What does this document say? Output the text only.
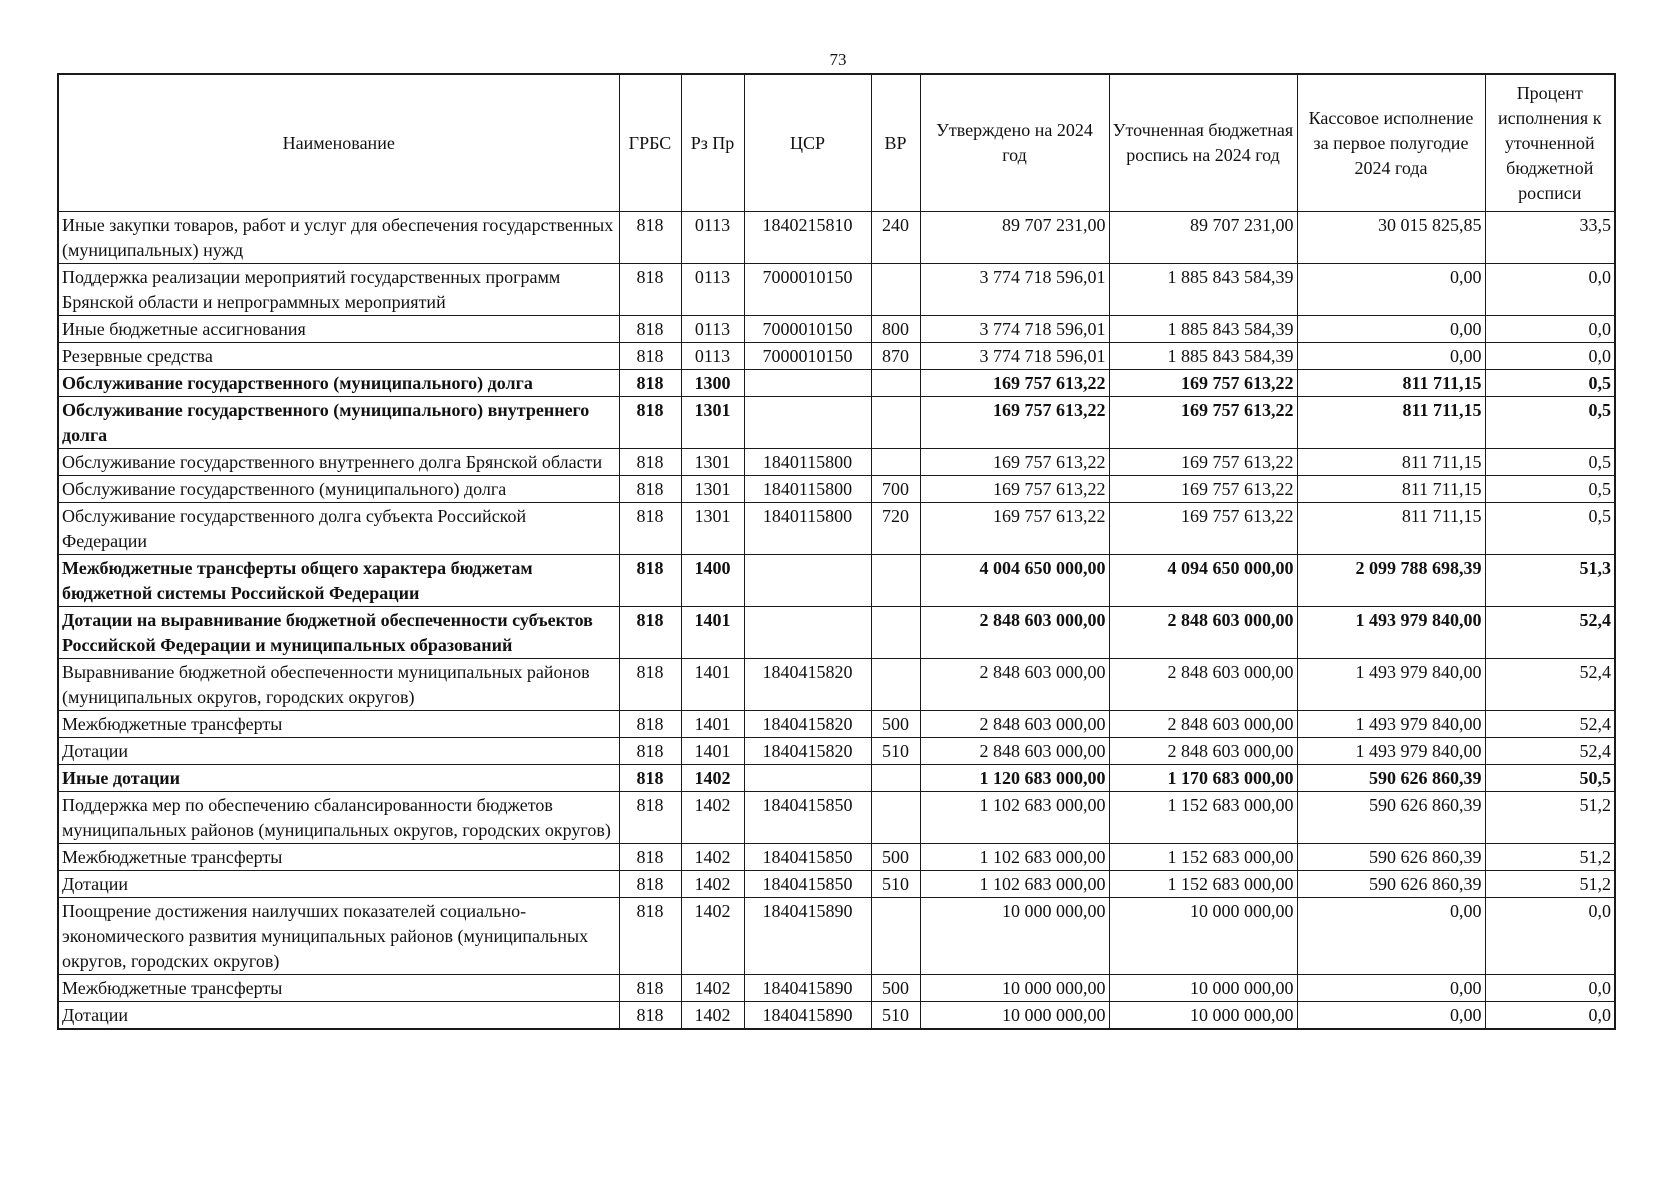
73
Наименование	ГРБС	Рз Пр	ЦСР	ВР	Утверждено на 2024 год	Уточненная бюджетная роспись на 2024 год	Кассовое исполнение за первое полугодие 2024 года	Процент исполнения к уточненной бюджетной росписи
Иные закупки товаров, работ и услуг для обеспечения государственных (муниципальных) нужд	818	0113	1840215810	240	89 707 231,00	89 707 231,00	30 015 825,85	33,5
Поддержка реализации мероприятий государственных программ Брянской области и непрограммных мероприятий	818	0113	7000010150		3 774 718 596,01	1 885 843 584,39	0,00	0,0
Иные бюджетные ассигнования	818	0113	7000010150	800	3 774 718 596,01	1 885 843 584,39	0,00	0,0
Резервные средства	818	0113	7000010150	870	3 774 718 596,01	1 885 843 584,39	0,00	0,0
Обслуживание государственного (муниципального) долга	818	1300			169 757 613,22	169 757 613,22	811 711,15	0,5
Обслуживание государственного (муниципального) внутреннего долга	818	1301			169 757 613,22	169 757 613,22	811 711,15	0,5
Обслуживание государственного внутреннего долга Брянской области	818	1301	1840115800		169 757 613,22	169 757 613,22	811 711,15	0,5
Обслуживание государственного (муниципального) долга	818	1301	1840115800	700	169 757 613,22	169 757 613,22	811 711,15	0,5
Обслуживание государственного долга субъекта Российской Федерации	818	1301	1840115800	720	169 757 613,22	169 757 613,22	811 711,15	0,5
Межбюджетные трансферты общего характера бюджетам бюджетной системы Российской Федерации	818	1400			4 004 650 000,00	4 094 650 000,00	2 099 788 698,39	51,3
Дотации на выравнивание бюджетной обеспеченности субъектов Российской Федерации и муниципальных образований	818	1401			2 848 603 000,00	2 848 603 000,00	1 493 979 840,00	52,4
Выравнивание бюджетной обеспеченности муниципальных районов (муниципальных округов, городских округов)	818	1401	1840415820		2 848 603 000,00	2 848 603 000,00	1 493 979 840,00	52,4
Межбюджетные трансферты	818	1401	1840415820	500	2 848 603 000,00	2 848 603 000,00	1 493 979 840,00	52,4
Дотации	818	1401	1840415820	510	2 848 603 000,00	2 848 603 000,00	1 493 979 840,00	52,4
Иные дотации	818	1402			1 120 683 000,00	1 170 683 000,00	590 626 860,39	50,5
Поддержка мер по обеспечению сбалансированности бюджетов муниципальных районов (муниципальных округов, городских округов)	818	1402	1840415850		1 102 683 000,00	1 152 683 000,00	590 626 860,39	51,2
Межбюджетные трансферты	818	1402	1840415850	500	1 102 683 000,00	1 152 683 000,00	590 626 860,39	51,2
Дотации	818	1402	1840415850	510	1 102 683 000,00	1 152 683 000,00	590 626 860,39	51,2
Поощрение достижения наилучших показателей социально-экономического развития муниципальных районов (муниципальных округов, городских округов)	818	1402	1840415890		10 000 000,00	10 000 000,00	0,00	0,0
Межбюджетные трансферты	818	1402	1840415890	500	10 000 000,00	10 000 000,00	0,00	0,0
Дотации	818	1402	1840415890	510	10 000 000,00	10 000 000,00	0,00	0,0
